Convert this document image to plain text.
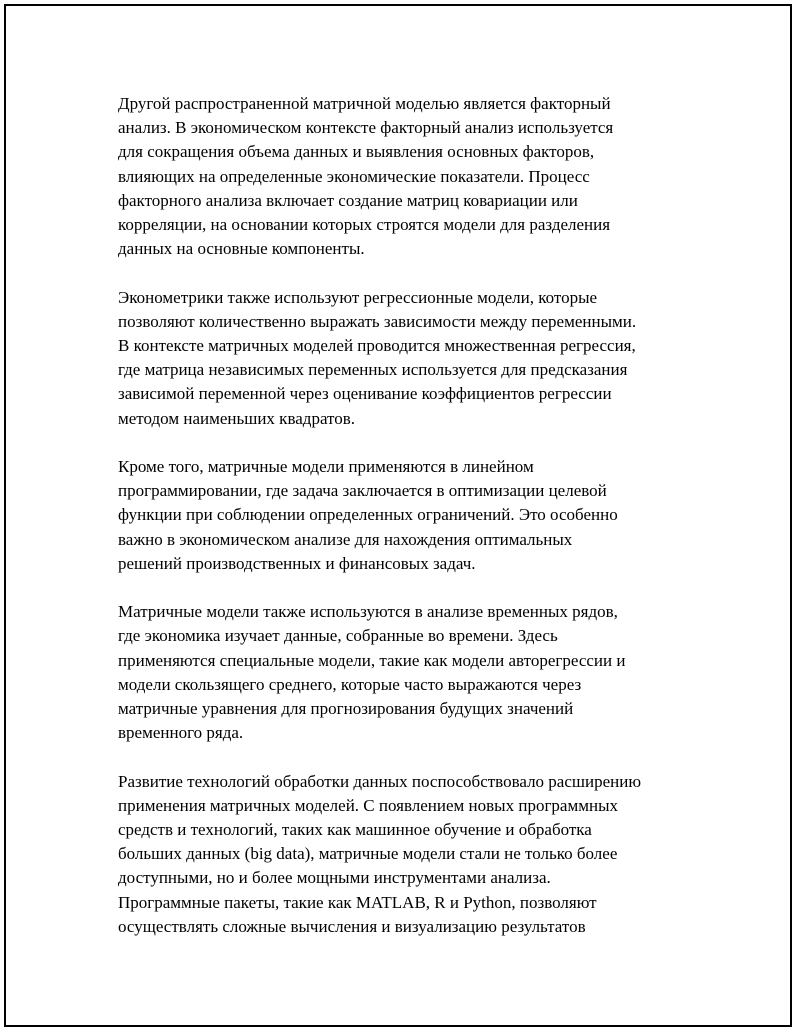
Другой распространенной матричной моделью является факторный
анализ. В экономическом контексте факторный анализ используется
для сокращения объема данных и выявления основных факторов,
влияющих на определенные экономические показатели. Процесс
факторного анализа включает создание матриц ковариации или
корреляции, на основании которых строятся модели для разделения
данных на основные компоненты.

Эконометрики также используют регрессионные модели, которые
позволяют количественно выражать зависимости между переменными.
В контексте матричных моделей проводится множественная регрессия,
где матрица независимых переменных используется для предсказания
зависимой переменной через оценивание коэффициентов регрессии
методом наименьших квадратов.

Кроме того, матричные модели применяются в линейном
программировании, где задача заключается в оптимизации целевой
функции при соблюдении определенных ограничений. Это особенно
важно в экономическом анализе для нахождения оптимальных
решений производственных и финансовых задач.

Матричные модели также используются в анализе временных рядов,
где экономика изучает данные, собранные во времени. Здесь
применяются специальные модели, такие как модели авторегрессии и
модели скользящего среднего, которые часто выражаются через
матричные уравнения для прогнозирования будущих значений
временного ряда.

Развитие технологий обработки данных поспособствовало расширению
применения матричных моделей. С появлением новых программных
средств и технологий, таких как машинное обучение и обработка
больших данных (big data), матричные модели стали не только более
доступными, но и более мощными инструментами анализа.
Программные пакеты, такие как MATLAB, R и Python, позволяют
осуществлять сложные вычисления и визуализацию результатов
